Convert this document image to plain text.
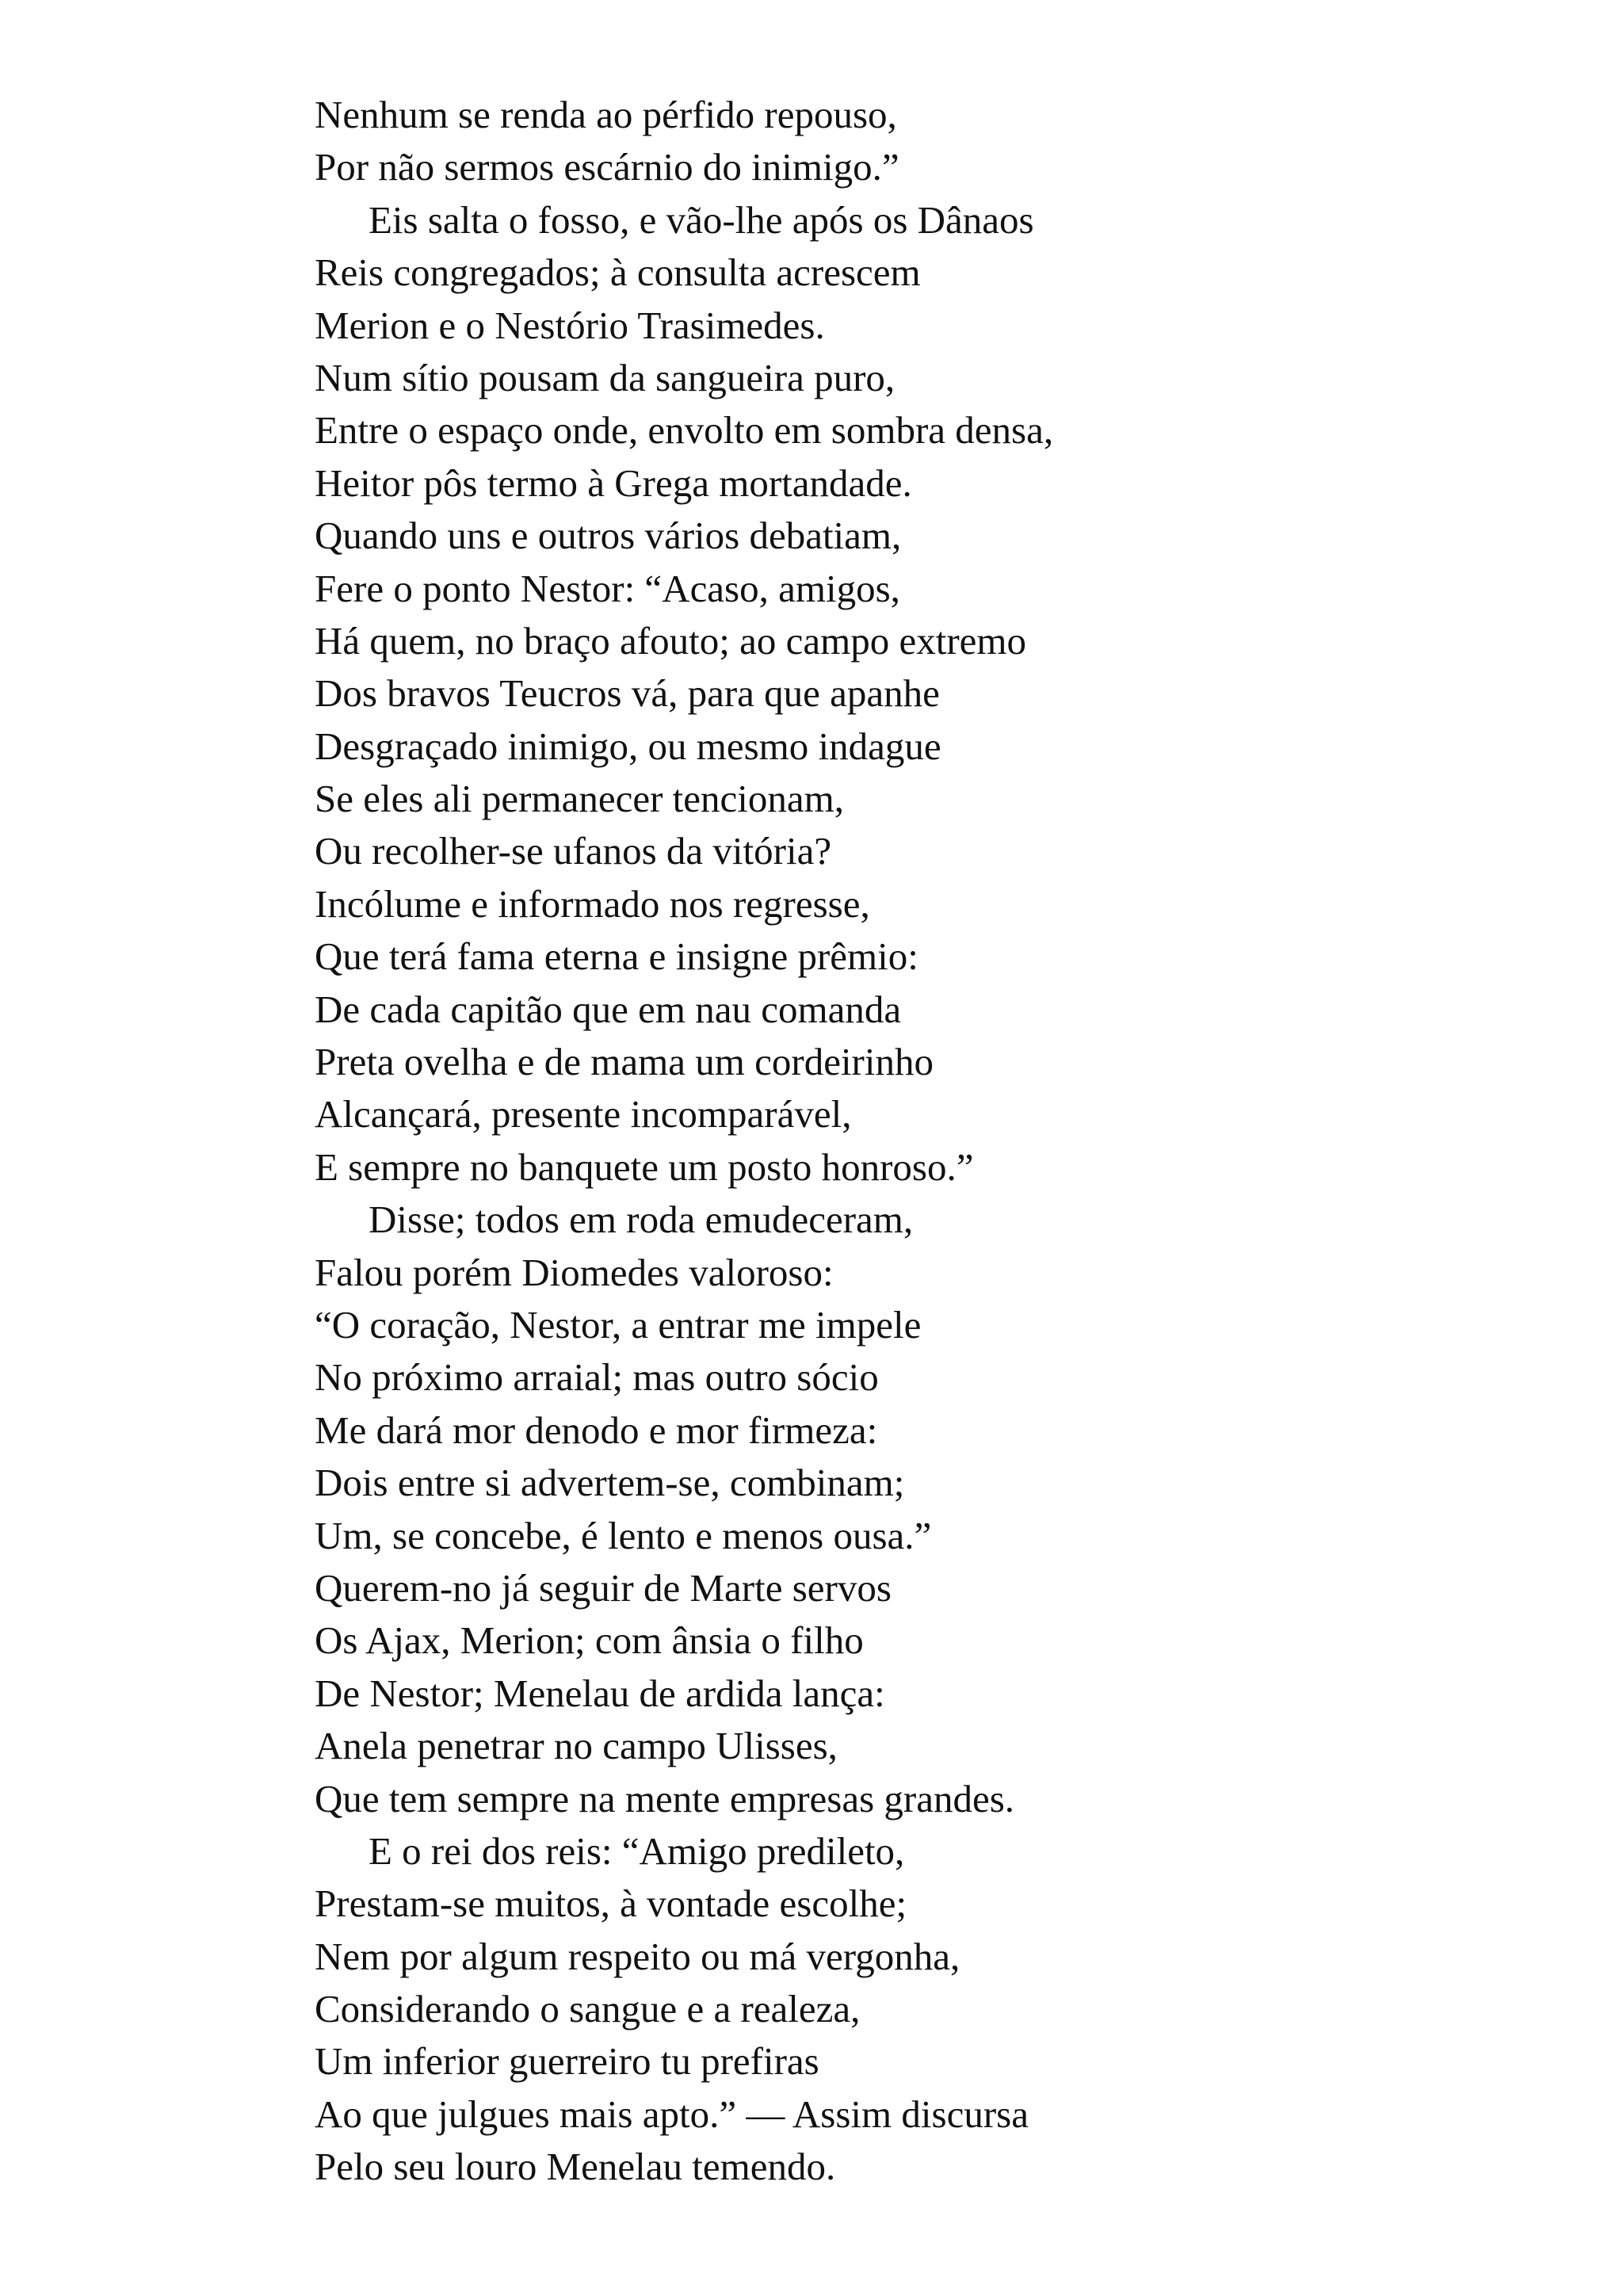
Nenhum se renda ao pérfido repouso,
Por não sermos escárnio do inimigo.”
Eis salta o fosso, e vão-lhe após os Dânaos
Reis congregados; à consulta acrescem
Merion e o Nestório Trasimedes.
Num sítio pousam da sangueira puro,
Entre o espaço onde, envolto em sombra densa,
Heitor pôs termo à Grega mortandade.
Quando uns e outros vários debatiam,
Fere o ponto Nestor: “Acaso, amigos,
Há quem, no braço afouto; ao campo extremo
Dos bravos Teucros vá, para que apanhe
Desgraçado inimigo, ou mesmo indague
Se eles ali permanecer tencionam,
Ou recolher-se ufanos da vitória?
Incólume e informado nos regresse,
Que terá fama eterna e insigne prêmio:
De cada capitão que em nau comanda
Preta ovelha e de mama um cordeirinho
Alcançará, presente incomparável,
E sempre no banquete um posto honroso.”
Disse; todos em roda emudeceram,
Falou porém Diomedes valoroso:
“O coração, Nestor, a entrar me impele
No próximo arraial; mas outro sócio
Me dará mor denodo e mor firmeza:
Dois entre si advertem-se, combinam;
Um, se concebe, é lento e menos ousa.”
Querem-no já seguir de Marte servos
Os Ajax, Merion; com ânsia o filho
De Nestor; Menelau de ardida lança:
Anela penetrar no campo Ulisses,
Que tem sempre na mente empresas grandes.
E o rei dos reis: “Amigo predileto,
Prestam-se muitos, à vontade escolhe;
Nem por algum respeito ou má vergonha,
Considerando o sangue e a realeza,
Um inferior guerreiro tu prefiras
Ao que julgues mais apto.” — Assim discursa
Pelo seu louro Menelau temendo.
